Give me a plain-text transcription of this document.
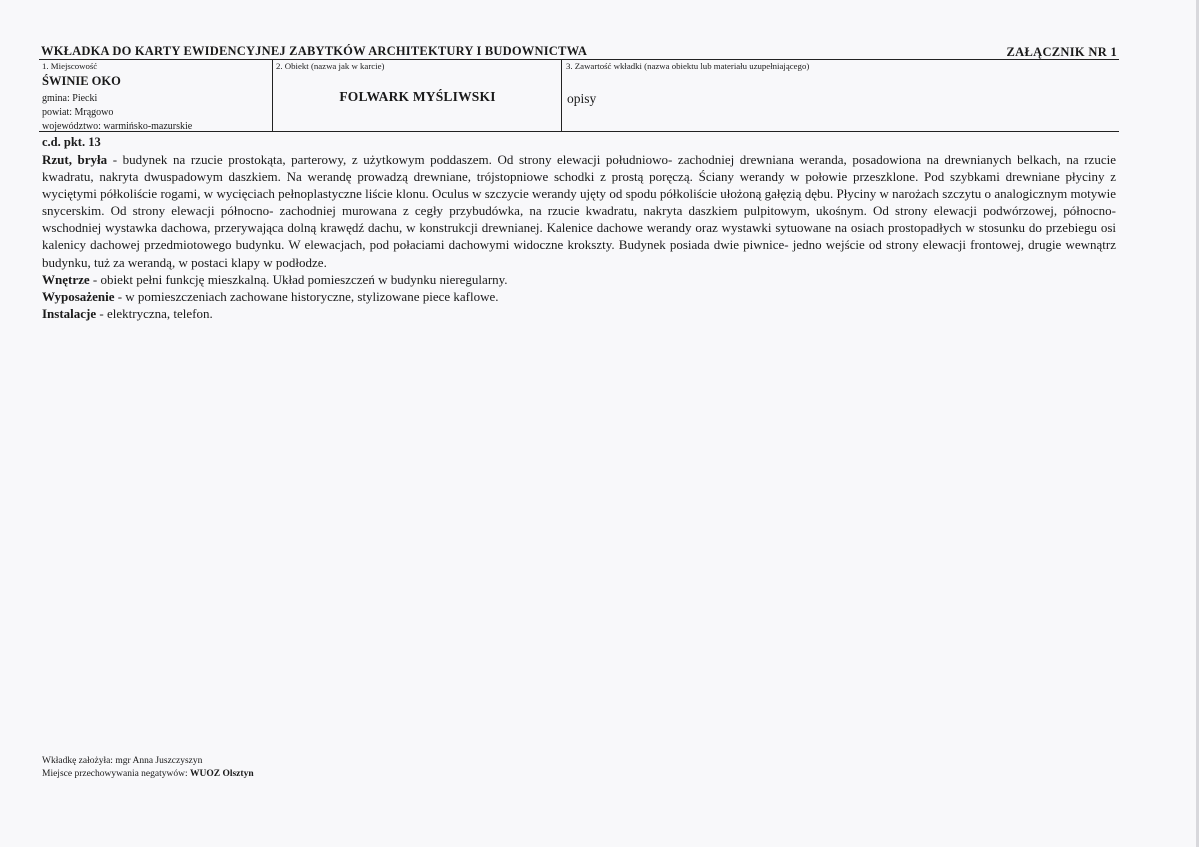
WKŁADKA DO KARTY EWIDENCYJNEJ ZABYTKÓW ARCHITEKTURY I BUDOWNICTWA	ZAŁĄCZNIK NR 1
1. Miejscowość
ŚWINIE OKO
gmina: Piecki
powiat: Mrągowo
województwo: warmińsko-mazurskie
2. Obiekt (nazwa jak w karcie)
FOLWARK MYŚLIWSKI
3. Zawartość wkładki (nazwa obiektu lub materiału uzupełniającego)
opisy
c.d. pkt. 13

Rzut, bryła - budynek na rzucie prostokąta, parterowy, z użytkowym poddaszem. Od strony elewacji południowo- zachodniej drewniana weranda, posadowiona na drewnianych belkach, na rzucie kwadratu, nakryta dwuspadowym daszkiem. Na werandę prowadzą drewniane, trójstopniowe schodki z prostą poręczą. Ściany werandy w połowie przeszklone. Pod szybkami drewniane płyciny z wyciętymi półkoliście rogami, w wycięciach pełnoplastyczne liście klonu. Oculus w szczycie werandy ujęty od spodu półkoliście ułożoną gałęzią dębu. Płyciny w narożach szczytu o analogicznym motywie snycerskim. Od strony elewacji północno- zachodniej murowana z cegły przybudówka, na rzucie kwadratu, nakryta daszkiem pulpitowym, ukośnym. Od strony elewacji podwórzowej, północno- wschodniej wystawka dachowa, przerywająca dolną krawędź dachu, w konstrukcji drewnianej. Kalenice dachowe werandy oraz wystawki sytuowane na osiach prostopadłych w stosunku do przebiegu osi kalenicy dachowej przedmiotowego budynku. W elewacjach, pod połaciami dachowymi widoczne krokszty. Budynek posiada dwie piwnice- jedno wejście od strony elewacji frontowej, drugie wewnątrz budynku, tuż za werandą, w postaci klapy w podłodze.

Wnętrze - obiekt pełni funkcję mieszkalną. Układ pomieszczeń w budynku nieregularny.

Wyposażenie - w pomieszczeniach zachowane historyczne, stylizowane piece kaflowe.

Instalacje - elektryczna, telefon.

Wkładkę założyła: mgr Anna Juszczyszyn
Miejsce przechowywania negatywów: WUOZ Olsztyn
